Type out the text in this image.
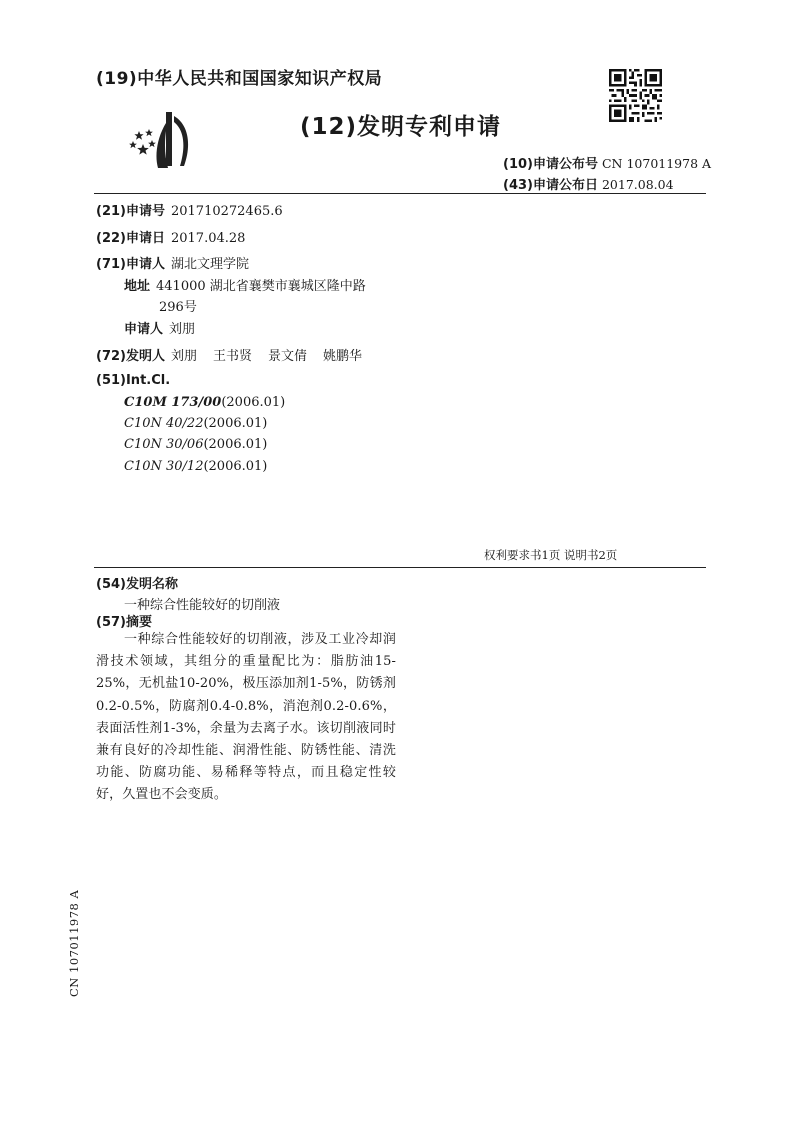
(19)中华人民共和国国家知识产权局
(12)发明专利申请
(10)申请公布号 CN 107011978 A
(43)申请公布日 2017.08.04
(21)申请号 201710272465.6
(22)申请日 2017.04.28
(71)申请人 湖北文理学院
地址 441000 湖北省襄樊市襄城区隆中路
296号
申请人 刘朋
(72)发明人 刘朋 王书贤 景文倩 姚鹏华
(51)Int.Cl.
C10M 173/00(2006.01)
C10N 40/22(2006.01)
C10N 30/06(2006.01)
C10N 30/12(2006.01)
权利要求书1页 说明书2页
(54)发明名称
一种综合性能较好的切削液
(57)摘要
一种综合性能较好的切削液，涉及工业冷却润滑技术领域，其组分的重量配比为：脂肪油15-25%，无机盐10-20%，极压添加剂1-5%，防锈剂0.2-0.5%，防腐剂0.4-0.8%，消泡剂0.2-0.6%，表面活性剂1-3%，余量为去离子水。该切削液同时兼有良好的冷却性能、润滑性能、防锈性能、清洗功能、防腐功能、易稀释等特点，而且稳定性较好，久置也不会变质。
CN 107011978 A
